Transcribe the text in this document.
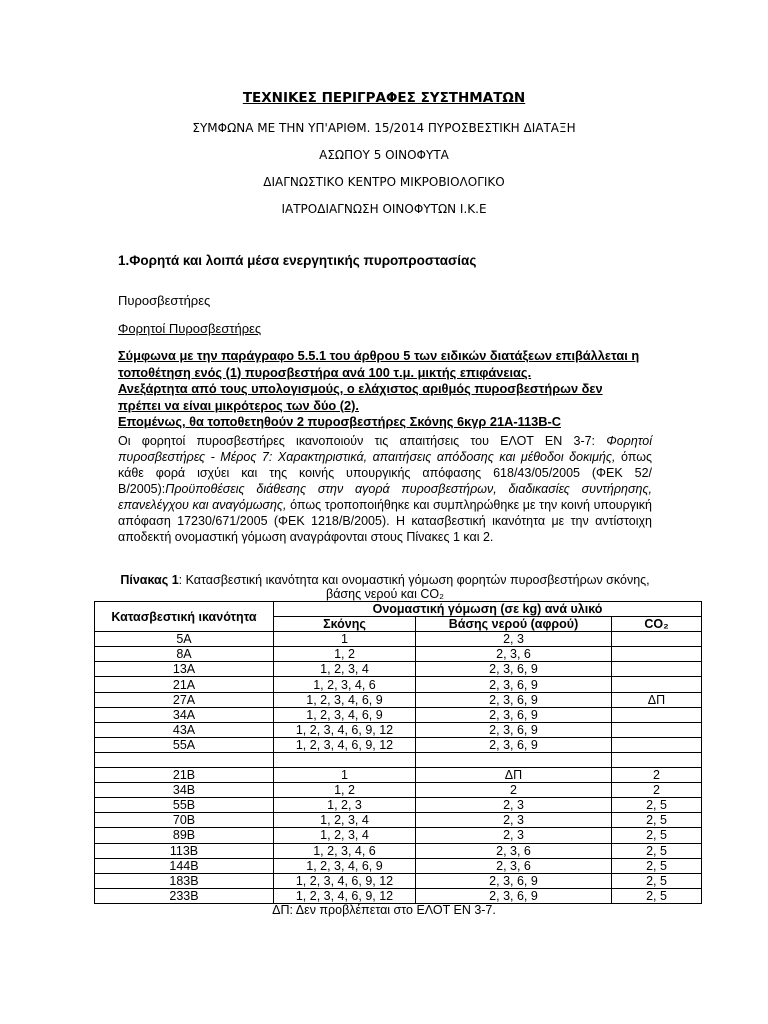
ΤΕΧΝΙΚΕΣ ΠΕΡΙΓΡΑΦΕΣ ΣΥΣΤΗΜΑΤΩΝ
ΣΥΜΦΩΝΑ ΜΕ ΤΗΝ ΥΠ'ΑΡΙΘΜ. 15/2014 ΠΥΡΟΣΒΕΣΤΙΚΗ ΔΙΑΤΑΞΗ
ΑΣΩΠΟΥ 5 ΟΙΝΟΦΥΤΑ
ΔΙΑΓΝΩΣΤΙΚΟ ΚΕΝΤΡΟ ΜΙΚΡΟΒΙΟΛΟΓΙΚΟ
ΙΑΤΡΟΔΙΑΓΝΩΣΗ ΟΙΝΟΦΥΤΩΝ Ι.Κ.Ε
1.Φορητά και λοιπά μέσα ενεργητικής πυροπροστασίας
Πυροσβεστήρες
Φορητοί Πυροσβεστήρες
Σύμφωνα με την παράγραφο 5.5.1 του άρθρου 5 των ειδικών διατάξεων επιβάλλεται η τοποθέτηση ενός (1) πυροσβεστήρα ανά 100 τ.μ. μικτής επιφάνειας.
Ανεξάρτητα από τους υπολογισμούς, ο ελάχιστος αριθμός πυροσβεστήρων δεν πρέπει να είναι μικρότερος των δύο (2).
Επομένως, θα τοποθετηθούν 2 πυροσβεστήρες Σκόνης 6κγρ 21Α-113Β-C
Οι φορητοί πυροσβεστήρες ικανοποιούν τις απαιτήσεις του ΕΛΟΤ ΕΝ 3-7: Φορητοί πυροσβεστήρες - Μέρος 7: Χαρακτηριστικά, απαιτήσεις απόδοσης και μέθοδοι δοκιμής, όπως κάθε φορά ισχύει και της κοινής υπουργικής απόφασης 618/43/05/2005 (ΦΕΚ 52/Β/2005):Προϋποθέσεις διάθεσης στην αγορά πυροσβεστήρων, διαδικασίες συντήρησης, επανελέγχου και αναγόμωσης, όπως τροποποιήθηκε και συμπληρώθηκε με την κοινή υπουργική απόφαση 17230/671/2005 (ΦΕΚ 1218/Β/2005). Η κατασβεστική ικανότητα με την αντίστοιχη αποδεκτή ονομαστική γόμωση αναγράφονται στους Πίνακες 1 και 2.
Πίνακας 1: Κατασβεστική ικανότητα και ονομαστική γόμωση φορητών πυροσβεστήρων σκόνης, βάσης νερού και CO₂
Κατασβεστική ικανότητα	Ονομαστική γόμωση (σε kg) ανά υλικό		
	Σκόνης	Βάσης νερού (αφρού)	CO₂
5A	1	2, 3	
8A	1, 2	2, 3, 6	
13A	1, 2, 3, 4	2, 3, 6, 9	
21A	1, 2, 3, 4, 6	2, 3, 6, 9	
27A	1, 2, 3, 4, 6, 9	2, 3, 6, 9	ΔΠ
34A	1, 2, 3, 4, 6, 9	2, 3, 6, 9	
43A	1, 2, 3, 4, 6, 9, 12	2, 3, 6, 9	
55A	1, 2, 3, 4, 6, 9, 12	2, 3, 6, 9	

21B	1	ΔΠ	2
34B	1, 2	2	2
55B	1, 2, 3	2, 3	2, 5
70B	1, 2, 3, 4	2, 3	2, 5
89B	1, 2, 3, 4	2, 3	2, 5
113B	1, 2, 3, 4, 6	2, 3, 6	2, 5
144B	1, 2, 3, 4, 6, 9	2, 3, 6	2, 5
183B	1, 2, 3, 4, 6, 9, 12	2, 3, 6, 9	2, 5
233B	1, 2, 3, 4, 6, 9, 12	2, 3, 6, 9	2, 5
ΔΠ: Δεν προβλέπεται στο ΕΛΟΤ ΕΝ 3-7.
